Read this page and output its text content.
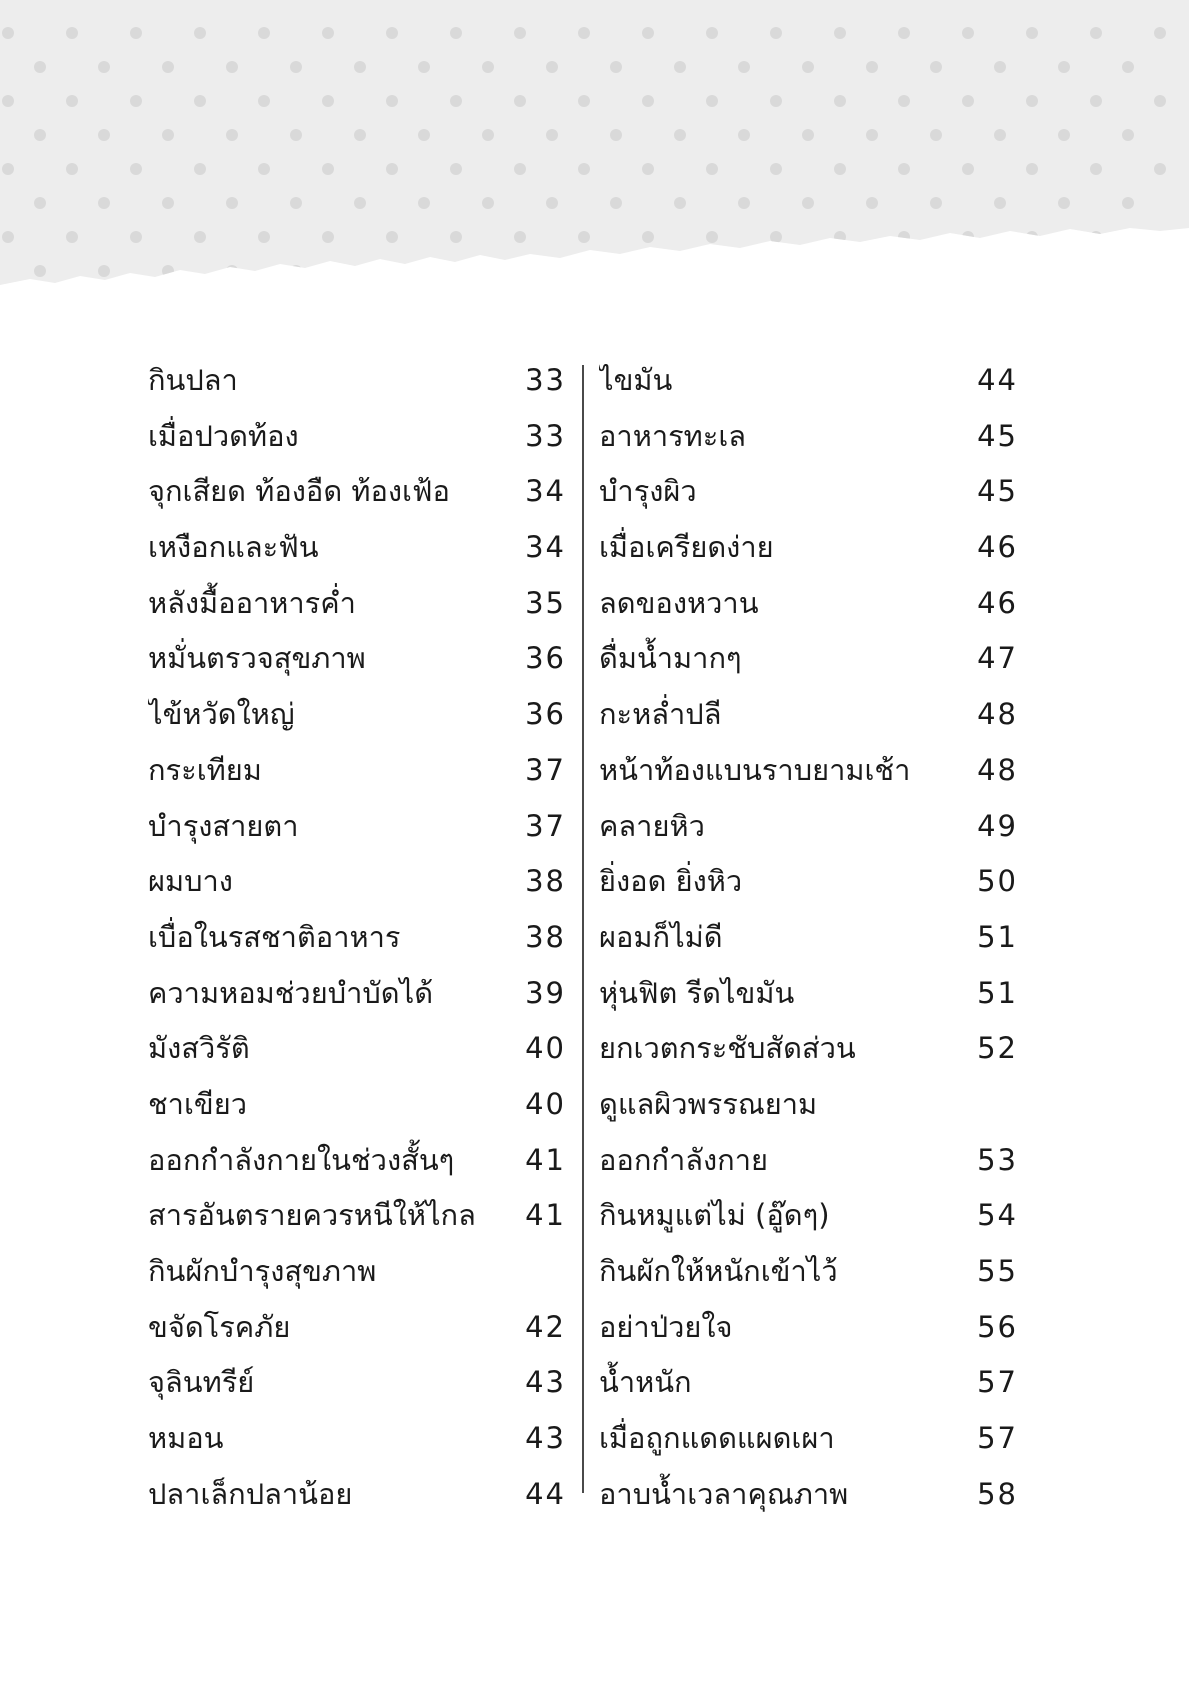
กินปลา	33
เมื่อปวดท้อง	33
จุกเสียด ท้องอืด ท้องเฟ้อ	34
เหงือกและฟัน	34
หลังมื้ออาหารค่ำ	35
หมั่นตรวจสุขภาพ	36
ไข้หวัดใหญ่	36
กระเทียม	37
บำรุงสายตา	37
ผมบาง	38
เบื่อในรสชาติอาหาร	38
ความหอมช่วยบำบัดได้	39
มังสวิรัติ	40
ชาเขียว	40
ออกกำลังกายในช่วงสั้นๆ 41
สารอันตรายควรหนีให้ไกล 41
กินผักบำรุงสุขภาพ
ขจัดโรคภัย	42
จุลินทรีย์	43
หมอน	43
ปลาเล็กปลาน้อย	44
ไขมัน	44
อาหารทะเล	45
บำรุงผิว	45
เมื่อเครียดง่าย	46
ลดของหวาน	46
ดื่มน้ำมากๆ	47
กะหล่ำปลี	48
หน้าท้องแบนราบยามเช้า 48
คลายหิว	49
ยิ่งอด ยิ่งหิว	50
ผอมก็ไม่ดี	51
หุ่นฟิต รีดไขมัน	51
ยกเวตกระชับสัดส่วน	52
ดูแลผิวพรรณยาม
ออกกำลังกาย	53
กินหมูแต่ไม่ (อู๊ดๆ)	54
กินผักให้หนักเข้าไว้	55
อย่าป่วยใจ	56
น้ำหนัก	57
เมื่อถูกแดดแผดเผา	57
อาบน้ำเวลาคุณภาพ	58
